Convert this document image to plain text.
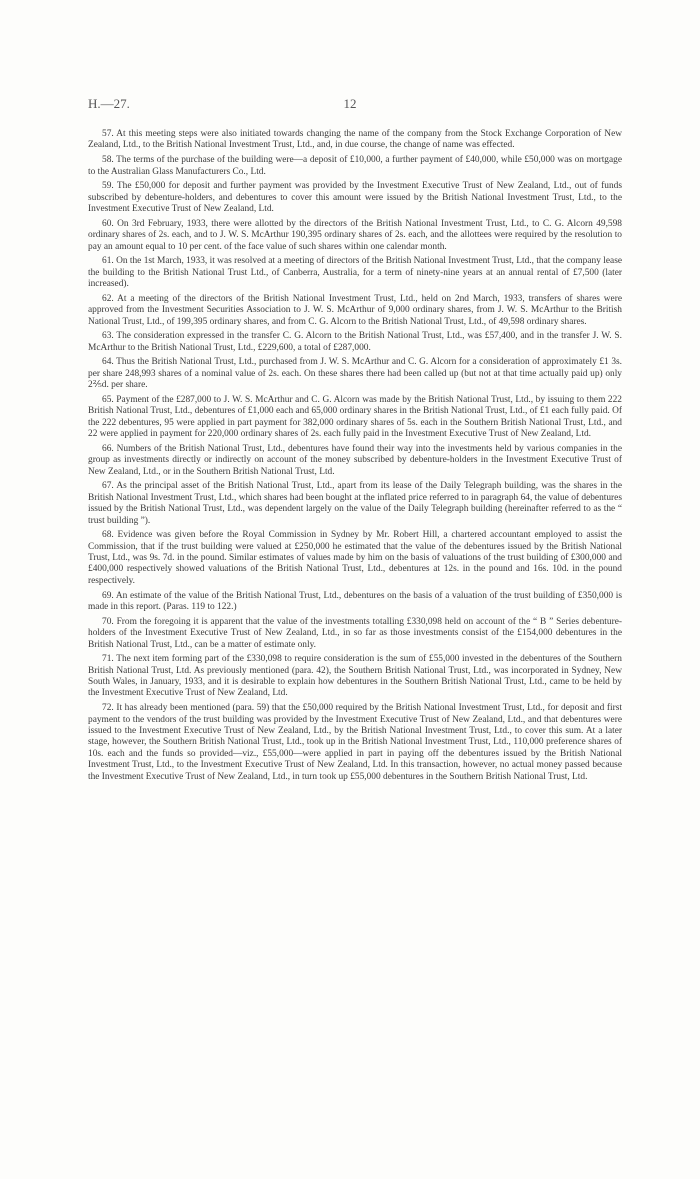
H.—27.	12

57. At this meeting steps were also initiated towards changing the name of the company from the Stock Exchange Corporation of New Zealand, Ltd., to the British National Investment Trust, Ltd., and, in due course, the change of name was effected.

58. The terms of the purchase of the building were—a deposit of £10,000, a further payment of £40,000, while £50,000 was on mortgage to the Australian Glass Manufacturers Co., Ltd.

59. The £50,000 for deposit and further payment was provided by the Investment Executive Trust of New Zealand, Ltd., out of funds subscribed by debenture-holders, and debentures to cover this amount were issued by the British National Investment Trust, Ltd., to the Investment Executive Trust of New Zealand, Ltd.

60. On 3rd February, 1933, there were allotted by the directors of the British National Investment Trust, Ltd., to C. G. Alcorn 49,598 ordinary shares of 2s. each, and to J. W. S. McArthur 190,395 ordinary shares of 2s. each, and the allottees were required by the resolution to pay an amount equal to 10 per cent. of the face value of such shares within one calendar month.

61. On the 1st March, 1933, it was resolved at a meeting of directors of the British National Investment Trust, Ltd., that the company lease the building to the British National Trust Ltd., of Canberra, Australia, for a term of ninety-nine years at an annual rental of £7,500 (later increased).

62. At a meeting of the directors of the British National Investment Trust, Ltd., held on 2nd March, 1933, transfers of shares were approved from the Investment Securities Association to J. W. S. McArthur of 9,000 ordinary shares, from J. W. S. McArthur to the British National Trust, Ltd., of 199,395 ordinary shares, and from C. G. Alcorn to the British National Trust, Ltd., of 49,598 ordinary shares.

63. The consideration expressed in the transfer C. G. Alcorn to the British National Trust, Ltd., was £57,400, and in the transfer J. W. S. McArthur to the British National Trust, Ltd., £229,600, a total of £287,000.

64. Thus the British National Trust, Ltd., purchased from J. W. S. McArthur and C. G. Alcorn for a consideration of approximately £1 3s. per share 248,993 shares of a nominal value of 2s. each. On these shares there had been called up (but not at that time actually paid up) only 2⅖d. per share.

65. Payment of the £287,000 to J. W. S. McArthur and C. G. Alcorn was made by the British National Trust, Ltd., by issuing to them 222 British National Trust, Ltd., debentures of £1,000 each and 65,000 ordinary shares in the British National Trust, Ltd., of £1 each fully paid. Of the 222 debentures, 95 were applied in part payment for 382,000 ordinary shares of 5s. each in the Southern British National Trust, Ltd., and 22 were applied in payment for 220,000 ordinary shares of 2s. each fully paid in the Investment Executive Trust of New Zealand, Ltd.

66. Numbers of the British National Trust, Ltd., debentures have found their way into the investments held by various companies in the group as investments directly or indirectly on account of the money subscribed by debenture-holders in the Investment Executive Trust of New Zealand, Ltd., or in the Southern British National Trust, Ltd.

67. As the principal asset of the British National Trust, Ltd., apart from its lease of the Daily Telegraph building, was the shares in the British National Investment Trust, Ltd., which shares had been bought at the inflated price referred to in paragraph 64, the value of debentures issued by the British National Trust, Ltd., was dependent largely on the value of the Daily Telegraph building (hereinafter referred to as the “ trust building ”).

68. Evidence was given before the Royal Commission in Sydney by Mr. Robert Hill, a chartered accountant employed to assist the Commission, that if the trust building were valued at £250,000 he estimated that the value of the debentures issued by the British National Trust, Ltd., was 9s. 7d. in the pound. Similar estimates of values made by him on the basis of valuations of the trust building of £300,000 and £400,000 respectively showed valuations of the British National Trust, Ltd., debentures at 12s. in the pound and 16s. 10d. in the pound respectively.

69. An estimate of the value of the British National Trust, Ltd., debentures on the basis of a valuation of the trust building of £350,000 is made in this report. (Paras. 119 to 122.)

70. From the foregoing it is apparent that the value of the investments totalling £330,098 held on account of the “ B ” Series debenture-holders of the Investment Executive Trust of New Zealand, Ltd., in so far as those investments consist of the £154,000 debentures in the British National Trust, Ltd., can be a matter of estimate only.

71. The next item forming part of the £330,098 to require consideration is the sum of £55,000 invested in the debentures of the Southern British National Trust, Ltd. As previously mentioned (para. 42), the Southern British National Trust, Ltd., was incorporated in Sydney, New South Wales, in January, 1933, and it is desirable to explain how debentures in the Southern British National Trust, Ltd., came to be held by the Investment Executive Trust of New Zealand, Ltd.

72. It has already been mentioned (para. 59) that the £50,000 required by the British National Investment Trust, Ltd., for deposit and first payment to the vendors of the trust building was provided by the Investment Executive Trust of New Zealand, Ltd., and that debentures were issued to the Investment Executive Trust of New Zealand, Ltd., by the British National Investment Trust, Ltd., to cover this sum. At a later stage, however, the Southern British National Trust, Ltd., took up in the British National Investment Trust, Ltd., 110,000 preference shares of 10s. each and the funds so provided—viz., £55,000—were applied in part in paying off the debentures issued by the British National Investment Trust, Ltd., to the Investment Executive Trust of New Zealand, Ltd. In this transaction, however, no actual money passed because the Investment Executive Trust of New Zealand, Ltd., in turn took up £55,000 debentures in the Southern British National Trust, Ltd.
